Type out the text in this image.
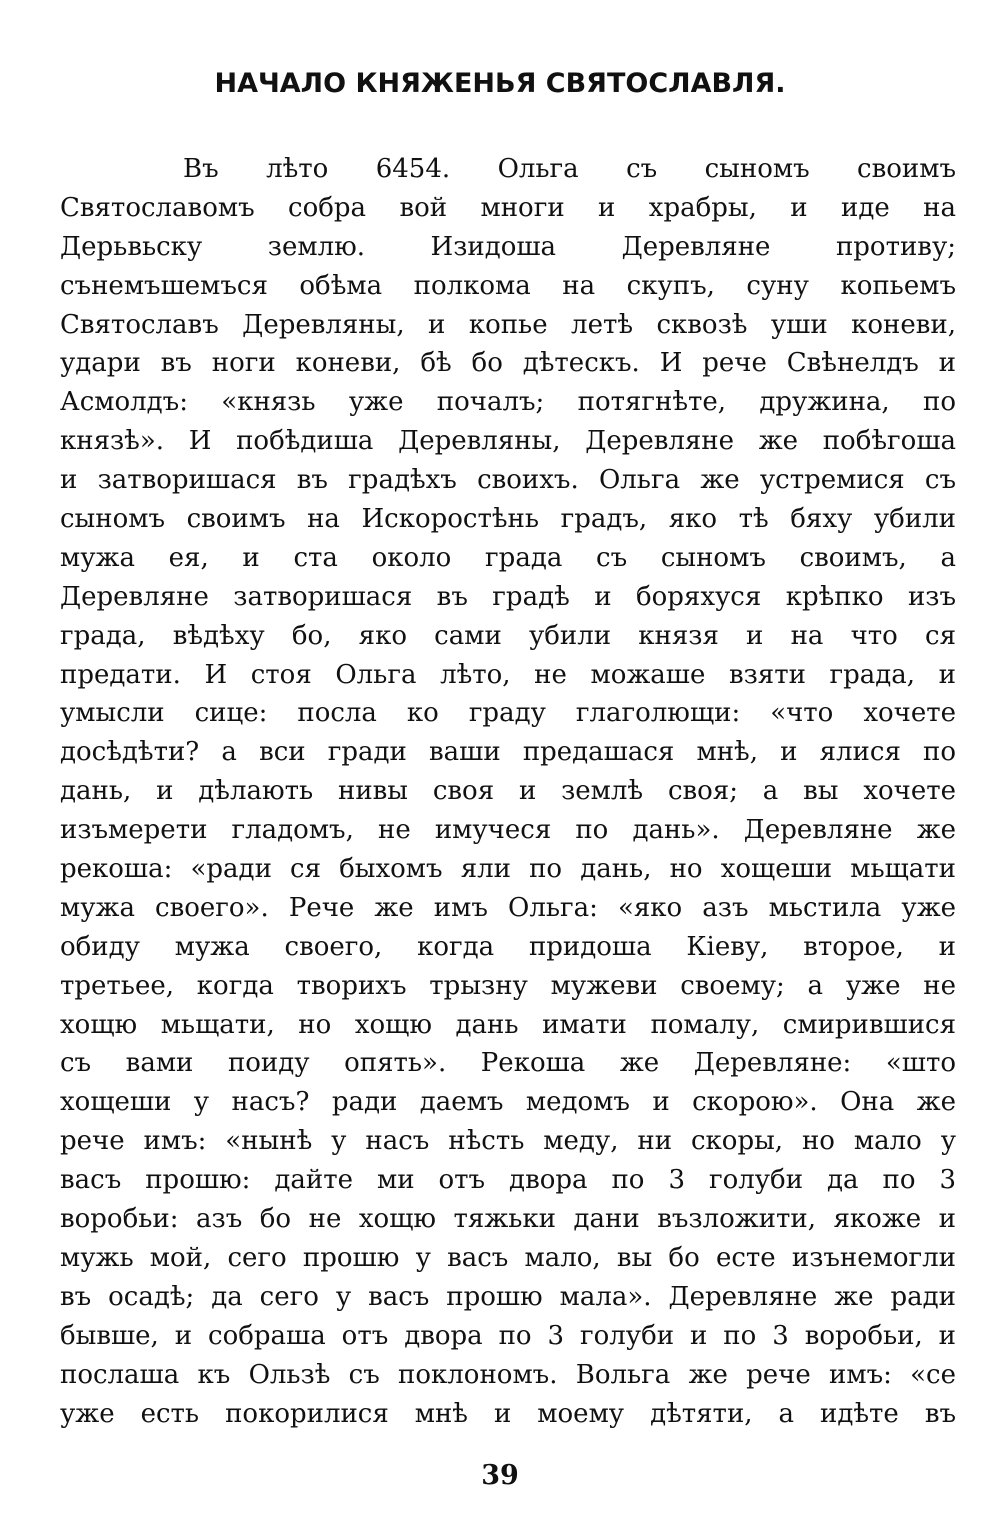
НАЧАЛО КНЯЖЕНЬЯ СВЯТОСЛАВЛЯ.
Въ лѣто 6454. Ольга съ сыномъ своимъ
Святославомъ собра вой многи и храбры, и иде на
Дерьвьску землю. Изидоша Деревляне противу;
сънемъшемъся обѣма полкома на скупъ, суну копьемъ
Святославъ Деревляны, и копье летѣ сквозѣ уши коневи,
удари въ ноги коневи, бѣ бо дѣтескъ. И рече Свѣнелдъ и
Асмолдъ: «князь уже почалъ; потягнѣте, дружина, по
князѣ». И побѣдиша Деревляны, Деревляне же побѣгоша
и затворишася въ градѣхъ своихъ. Ольга же устремися съ
сыномъ своимъ на Искоростѣнь градъ, яко тѣ бяху убили
мужа ея, и ста около града съ сыномъ своимъ, а
Деревляне затворишася въ градѣ и боряхуся крѣпко изъ
града, вѣдѣху бо, яко сами убили князя и на что ся
предати. И стоя Ольга лѣто, не можаше взяти града, и
умысли сице: посла ко граду глаголющи: «что хочете
досѣдѣти? а вси гради ваши предашася мнѣ, и ялися по
дань, и дѣлають нивы своя и землѣ своя; а вы хочете
изъмерети гладомъ, не имучеся по дань». Деревляне же
рекоша: «ради ся быхомъ яли по дань, но хощеши мьщати
мужа своего». Рече же имъ Ольга: «яко азъ мьстила уже
обиду мужа своего, когда придоша Кіеву, второе, и
третьее, когда творихъ трызну мужеви своему; а уже не
хощю мьщати, но хощю дань имати помалу, смирившися
съ вами поиду опять». Рекоша же Деревляне: «што
хощеши у насъ? ради даемъ медомъ и скорою». Она же
рече имъ: «нынѣ у насъ нѣсть меду, ни скоры, но мало у
васъ прошю: дайте ми отъ двора по 3 голуби да по 3
воробьи: азъ бо не хощю тяжьки дани възложити, якоже и
мужь мой, сего прошю у васъ мало, вы бо есте изънемогли
въ осадѣ; да сего у васъ прошю мала». Деревляне же ради
бывше, и собраша отъ двора по 3 голуби и по 3 воробьи, и
послаша къ Ользѣ съ поклономъ. Вольга же рече имъ: «се
уже есть покорилися мнѣ и моему дѣтяти, а идѣте въ
39
